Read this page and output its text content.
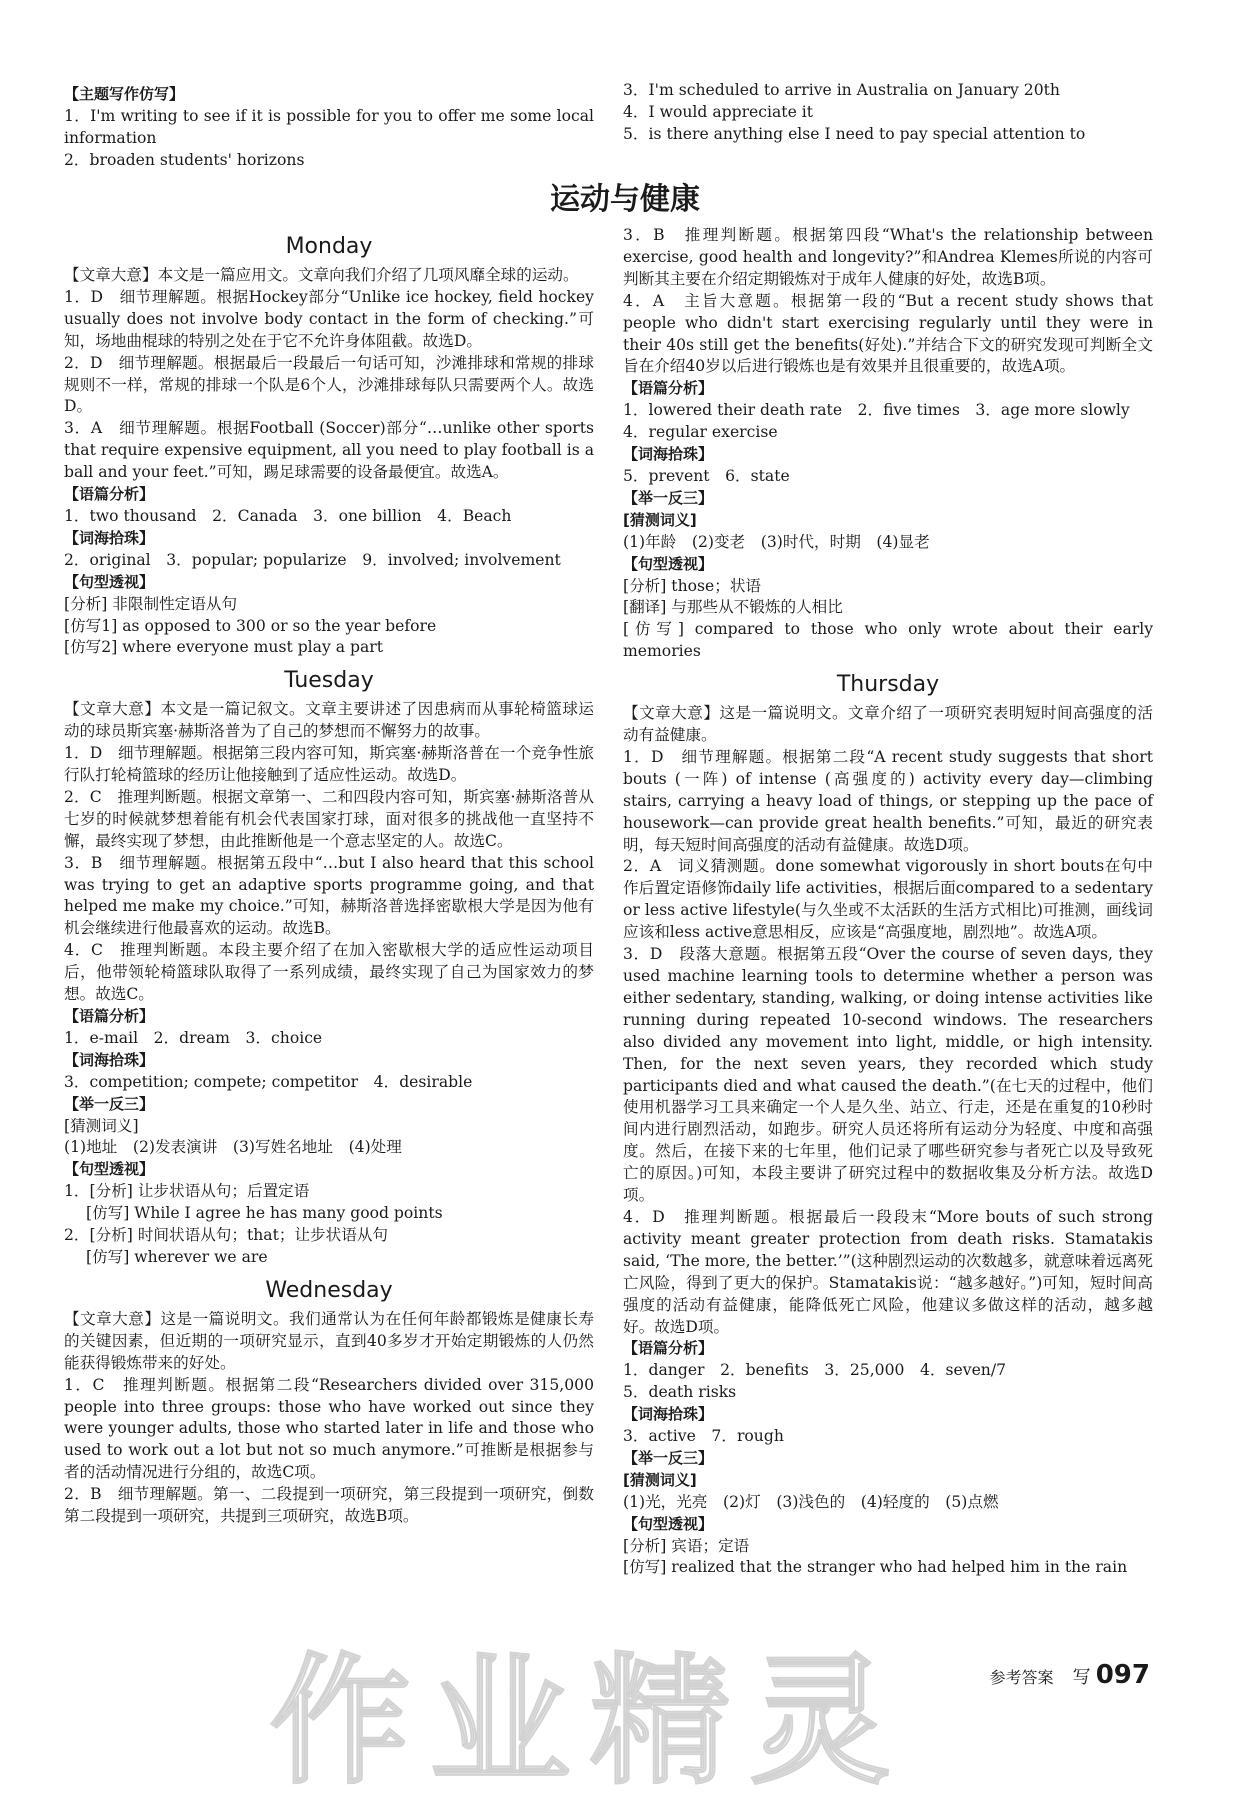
【主题写作仿写】

1．I'm writing to see if it is possible for you to offer me some local information

2．broaden students' horizons

3．I'm scheduled to arrive in Australia on January 20th

4．I would appreciate it

5．is there anything else I need to pay special attention to

运动与健康
Monday

【文章大意】本文是一篇应用文。文章向我们介绍了几项风靡全球的运动。

1．D　细节理解题。根据Hockey部分“Unlike ice hockey, field hockey usually does not involve body contact in the form of checking.”可知，场地曲棍球的特别之处在于它不允许身体阻截。故选D。

2．D　细节理解题。根据最后一段最后一句话可知，沙滩排球和常规的排球规则不一样，常规的排球一个队是6个人，沙滩排球每队只需要两个人。故选D。

3．A　细节理解题。根据Football (Soccer)部分“…unlike other sports that require expensive equipment, all you need to play football is a ball and your feet.”可知，踢足球需要的设备最便宜。故选A。

【语篇分析】

1．two thousand　2．Canada　3．one billion　4．Beach

【词海拾珠】

2．original　3．popular; popularize　9．involved; involvement

【句型透视】

[分析] 非限制性定语从句

[仿写1] as opposed to 300 or so the year before

[仿写2] where everyone must play a part

Tuesday

【文章大意】本文是一篇记叙文。文章主要讲述了因患病而从事轮椅篮球运动的球员斯宾塞·赫斯洛普为了自己的梦想而不懈努力的故事。

1．D　细节理解题。根据第三段内容可知，斯宾塞·赫斯洛普在一个竞争性旅行队打轮椅篮球的经历让他接触到了适应性运动。故选D。

2．C　推理判断题。根据文章第一、二和四段内容可知，斯宾塞·赫斯洛普从七岁的时候就梦想着能有机会代表国家打球，面对很多的挑战他一直坚持不懈，最终实现了梦想，由此推断他是一个意志坚定的人。故选C。

3．B　细节理解题。根据第五段中“…but I also heard that this school was trying to get an adaptive sports programme going, and that helped me make my choice.”可知，赫斯洛普选择密歇根大学是因为他有机会继续进行他最喜欢的运动。故选B。

4．C　推理判断题。本段主要介绍了在加入密歇根大学的适应性运动项目后，他带领轮椅篮球队取得了一系列成绩，最终实现了自己为国家效力的梦想。故选C。

【语篇分析】

1．e-mail　2．dream　3．choice

【词海拾珠】

3．competition; compete; competitor　4．desirable

【举一反三】

[猜测词义]

(1)地址　(2)发表演讲　(3)写姓名地址　(4)处理

【句型透视】

1．[分析] 让步状语从句；后置定语

[仿写] While I agree he has many good points

2．[分析] 时间状语从句；that；让步状语从句

[仿写] wherever we are

Wednesday

【文章大意】这是一篇说明文。我们通常认为在任何年龄都锻炼是健康长寿的关键因素，但近期的一项研究显示，直到40多岁才开始定期锻炼的人仍然能获得锻炼带来的好处。

1．C　推理判断题。根据第二段“Researchers divided over 315,000 people into three groups: those who have worked out since they were younger adults, those who started later in life and those who used to work out a lot but not so much anymore.”可推断是根据参与者的活动情况进行分组的，故选C项。

2．B　细节理解题。第一、二段提到一项研究，第三段提到一项研究，倒数第二段提到一项研究，共提到三项研究，故选B项。

3．B　推理判断题。根据第四段“What's the relationship between exercise, good health and longevity?”和Andrea Klemes所说的内容可判断其主要在介绍定期锻炼对于成年人健康的好处，故选B项。

4．A　主旨大意题。根据第一段的“But a recent study shows that people who didn't start exercising regularly until they were in their 40s still get the benefits(好处).”并结合下文的研究发现可判断全文旨在介绍40岁以后进行锻炼也是有效果并且很重要的，故选A项。

【语篇分析】

1．lowered their death rate　2．five times　3．age more slowly

4．regular exercise

【词海拾珠】

5．prevent　6．state

【举一反三】

[猜测词义]

(1)年龄　(2)变老　(3)时代，时期　(4)显老

【句型透视】

[分析] those；状语

[翻译] 与那些从不锻炼的人相比

[仿写] compared to those who only wrote about their early memories

Thursday

【文章大意】这是一篇说明文。文章介绍了一项研究表明短时间高强度的活动有益健康。

1．D　细节理解题。根据第二段“A recent study suggests that short bouts (一阵) of intense (高强度的) activity every day—climbing stairs, carrying a heavy load of things, or stepping up the pace of housework—can provide great health benefits.”可知，最近的研究表明，每天短时间高强度的活动有益健康。故选D项。

2．A　词义猜测题。done somewhat vigorously in short bouts在句中作后置定语修饰daily life activities，根据后面compared to a sedentary or less active lifestyle(与久坐或不太活跃的生活方式相比)可推测，画线词应该和less active意思相反，应该是“高强度地，剧烈地”。故选A项。

3．D　段落大意题。根据第五段“Over the course of seven days, they used machine learning tools to determine whether a person was either sedentary, standing, walking, or doing intense activities like running during repeated 10-second windows. The researchers also divided any movement into light, middle, or high intensity. Then, for the next seven years, they recorded which study participants died and what caused the death.”(在七天的过程中，他们使用机器学习工具来确定一个人是久坐、站立、行走，还是在重复的10秒时间内进行剧烈活动，如跑步。研究人员还将所有运动分为轻度、中度和高强度。然后，在接下来的七年里，他们记录了哪些研究参与者死亡以及导致死亡的原因。)可知，本段主要讲了研究过程中的数据收集及分析方法。故选D项。

4．D　推理判断题。根据最后一段段末“More bouts of such strong activity meant greater protection from death risks. Stamatakis said, ‘The more, the better.’”(这种剧烈运动的次数越多，就意味着远离死亡风险，得到了更大的保护。Stamatakis说：“越多越好。”)可知，短时间高强度的活动有益健康，能降低死亡风险，他建议多做这样的活动，越多越好。故选D项。

【语篇分析】

1．danger　2．benefits　3．25,000　4．seven/7

5．death risks

【词海拾珠】

3．active　7．rough

【举一反三】

[猜测词义]

(1)光，光亮　(2)灯　(3)浅色的　(4)轻度的　(5)点燃

【句型透视】

[分析] 宾语；定语

[仿写] realized that the stranger who had helped him in the rain

作业精灵	参考答案 写 097
